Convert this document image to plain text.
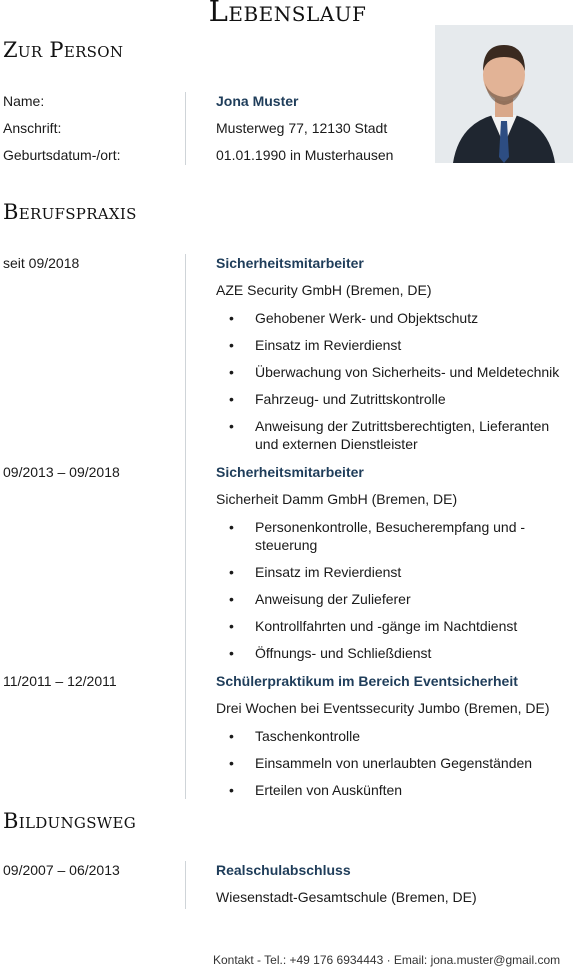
Lebenslauf
Zur Person
Name:	Jona Muster
Anschrift:	Musterweg 77, 12130 Stadt
Geburtsdatum-/ort:	01.01.1990 in Musterhausen
Berufspraxis
seit 09/2018	Sicherheitsmitarbeiter
AZE Security GmbH (Bremen, DE)
• Gehobener Werk- und Objektschutz
• Einsatz im Revierdienst
• Überwachung von Sicherheits- und Meldetechnik
• Fahrzeug- und Zutrittskontrolle
• Anweisung der Zutrittsberechtigten, Lieferanten und externen Dienstleister
09/2013 – 09/2018	Sicherheitsmitarbeiter
Sicherheit Damm GmbH (Bremen, DE)
• Personenkontrolle, Besucherempfang und -steuerung
• Einsatz im Revierdienst
• Anweisung der Zulieferer
• Kontrollfahrten und -gänge im Nachtdienst
• Öffnungs- und Schließdienst
11/2011 – 12/2011	Schülerpraktikum im Bereich Eventsicherheit
Drei Wochen bei Eventssecurity Jumbo (Bremen, DE)
• Taschenkontrolle
• Einsammeln von unerlaubten Gegenständen
• Erteilen von Auskünften
Bildungsweg
09/2007 – 06/2013	Realschulabschluss
Wiesenstadt-Gesamtschule (Bremen, DE)
Kontakt - Tel.: +49 176 6934443 · Email: jona.muster@gmail.com
